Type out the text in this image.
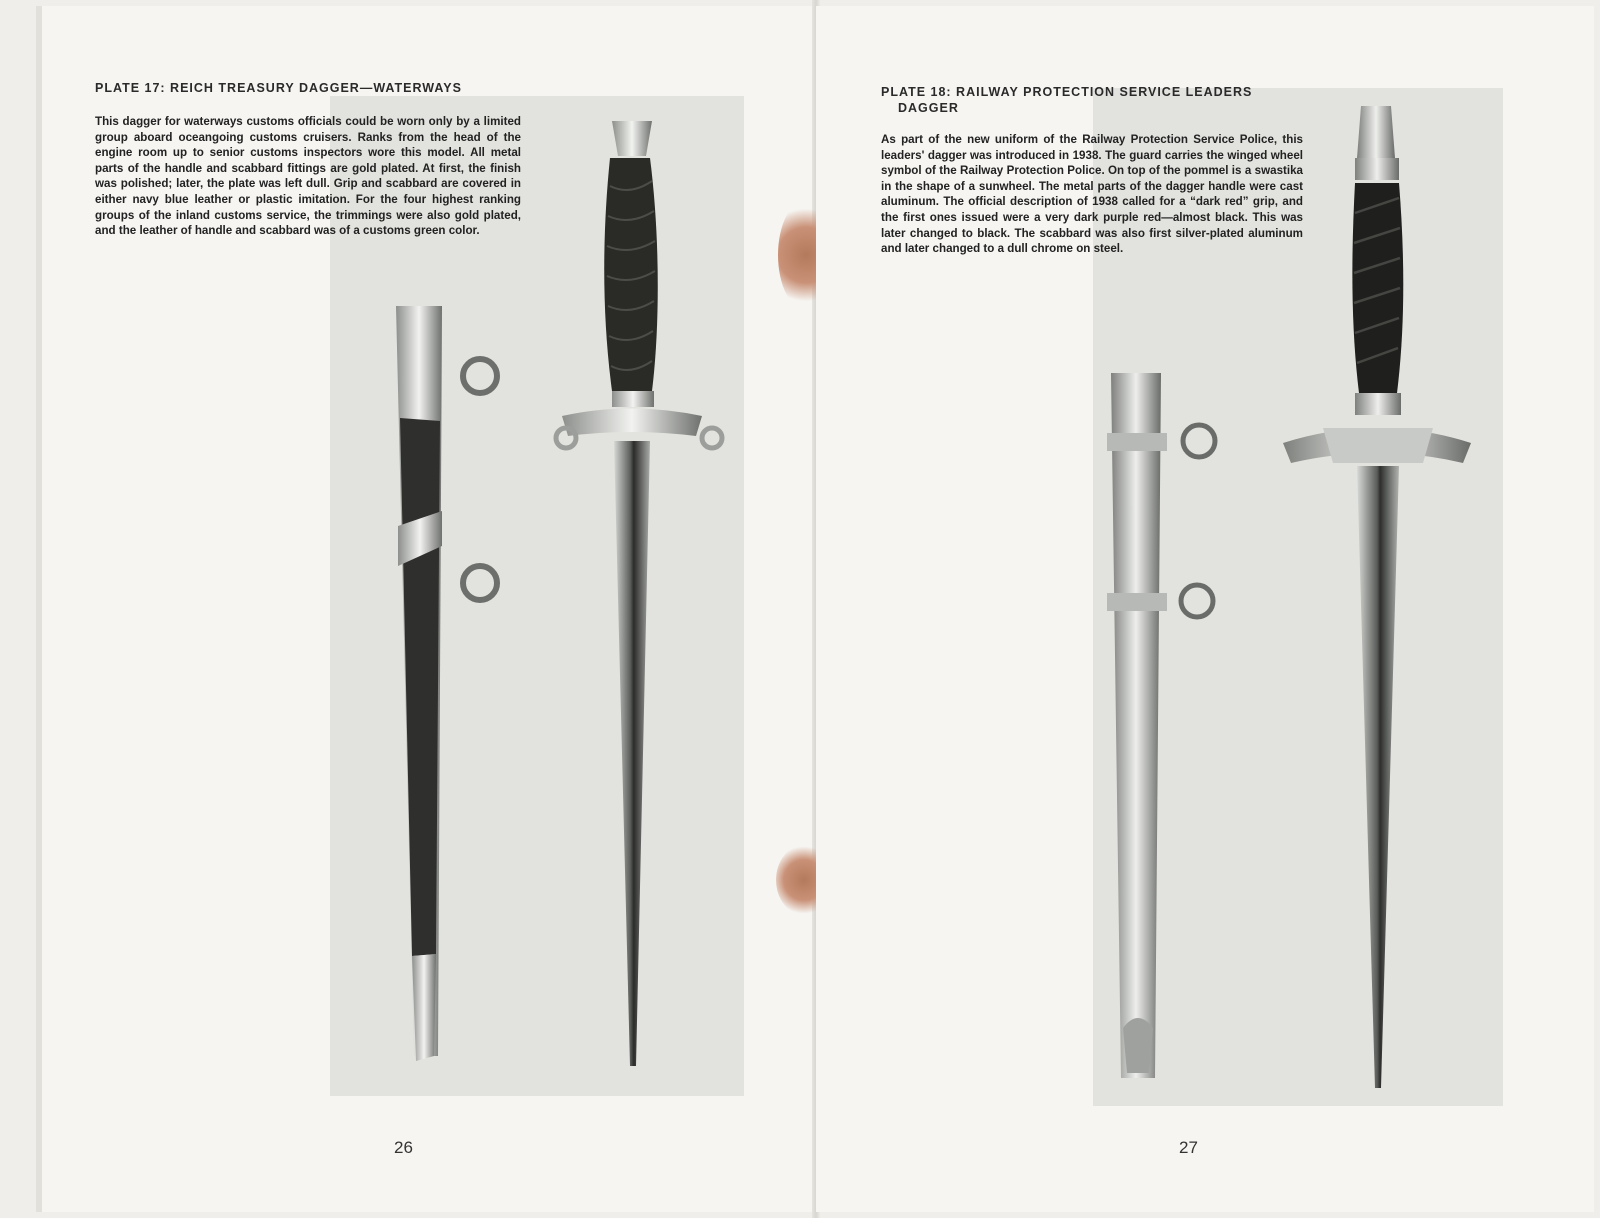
PLATE 17: REICH TREASURY DAGGER—WATERWAYS

This dagger for waterways customs officials could be worn only by a limited group aboard oceangoing customs cruisers. Ranks from the head of the engine room up to senior customs inspectors wore this model. All metal parts of the handle and scabbard fittings are gold plated. At first, the finish was polished; later, the plate was left dull. Grip and scabbard are covered in either navy blue leather or plastic imitation. For the four highest ranking groups of the inland customs service, the trimmings were also gold plated, and the leather of handle and scabbard was of a customs green color.

26
PLATE 18: RAILWAY PROTECTION SERVICE LEADERS
DAGGER

As part of the new uniform of the Railway Protection Service Police, this leaders' dagger was introduced in 1938. The guard carries the winged wheel symbol of the Railway Protection Police. On top of the pommel is a swastika in the shape of a sunwheel. The metal parts of the dagger handle were cast aluminum. The official description of 1938 called for a “dark red” grip, and the first ones issued were a very dark purple red—almost black. This was later changed to black. The scabbard was also first silver-plated aluminum and later changed to a dull chrome on steel.

27
